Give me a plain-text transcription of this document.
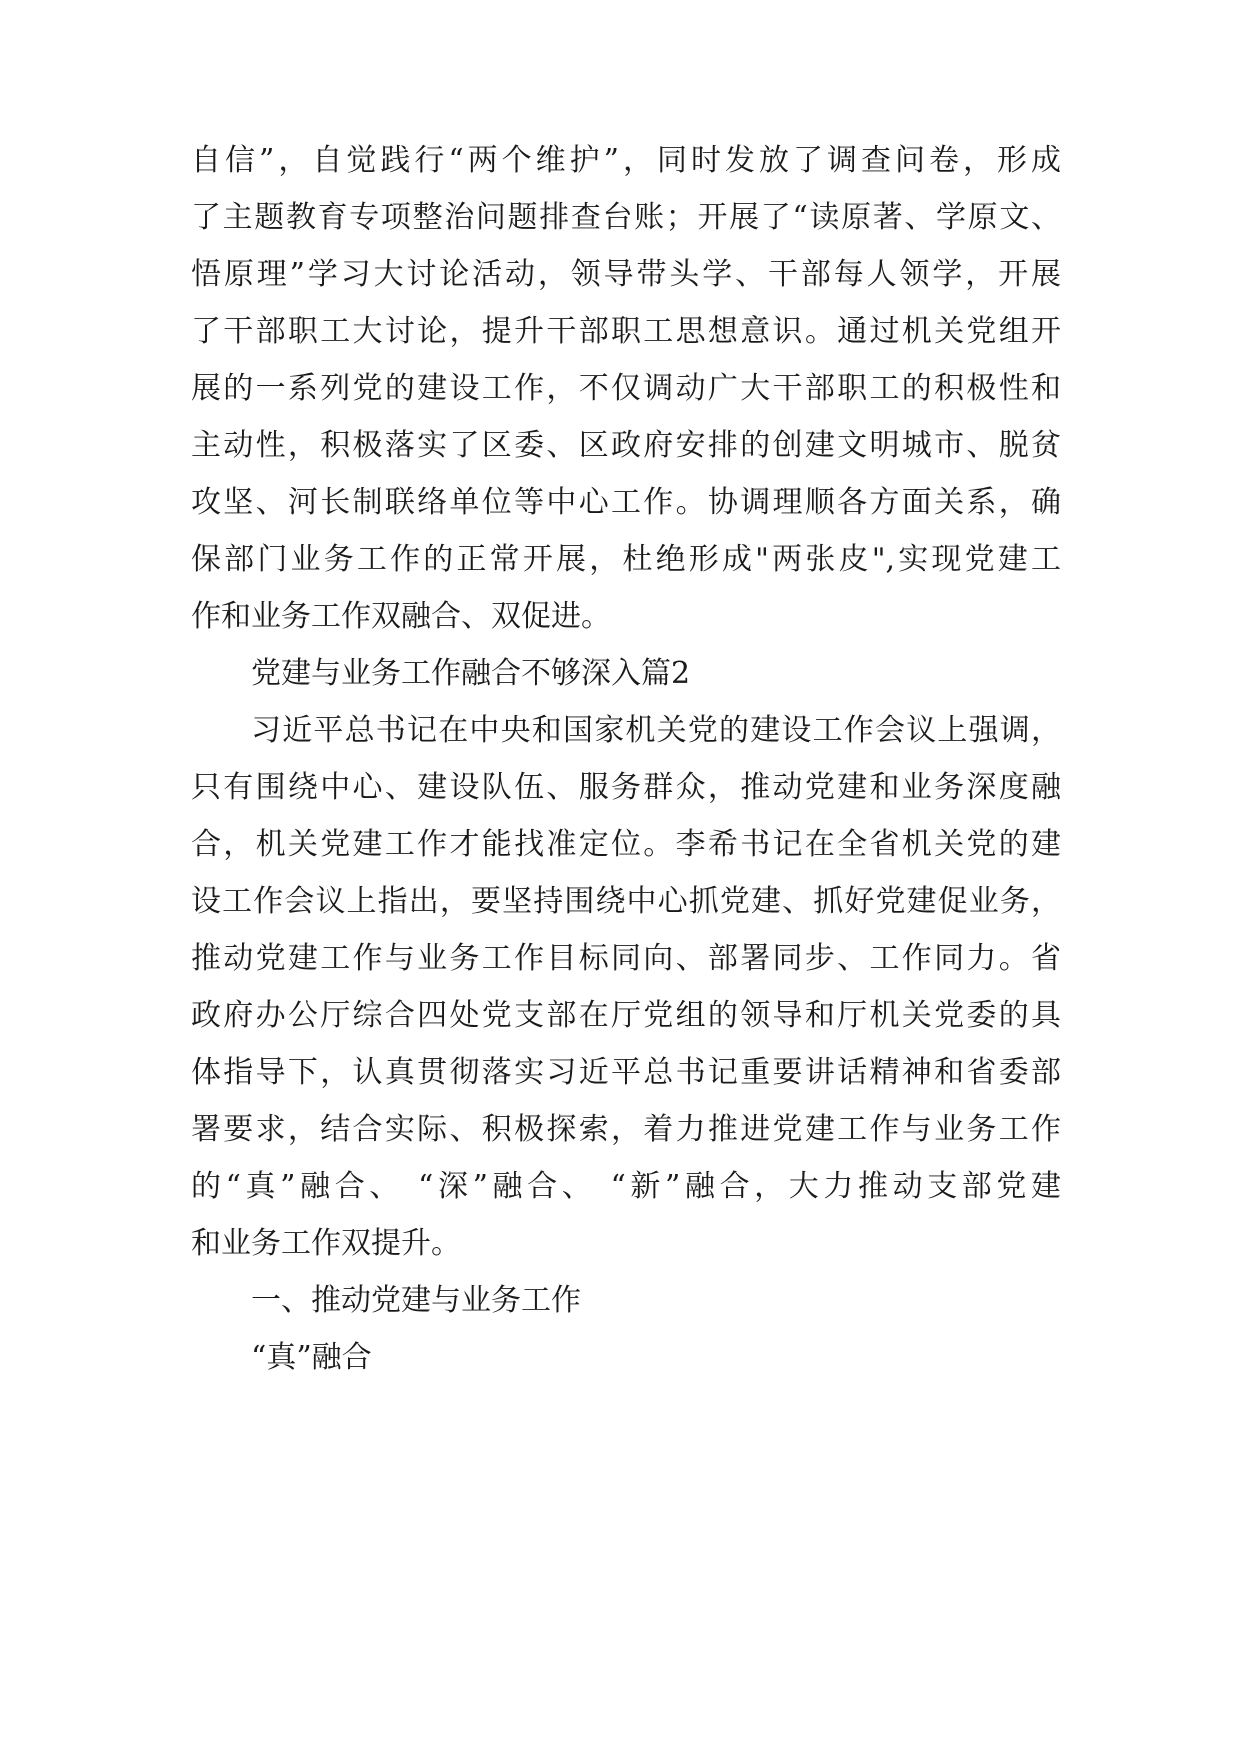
自信”，自觉践行“两个维护”，同时发放了调查问卷，形成
了主题教育专项整治问题排查台账；开展了“读原著、学原文、
悟原理”学习大讨论活动，领导带头学、干部每人领学，开展
了干部职工大讨论，提升干部职工思想意识。通过机关党组开
展的一系列党的建设工作，不仅调动广大干部职工的积极性和
主动性，积极落实了区委、区政府安排的创建文明城市、脱贫
攻坚、河长制联络单位等中心工作。协调理顺各方面关系，确
保部门业务工作的正常开展，杜绝形成"两张皮",实现党建工
作和业务工作双融合、双促进。
党建与业务工作融合不够深入篇2
习近平总书记在中央和国家机关党的建设工作会议上强调，
只有围绕中心、建设队伍、服务群众，推动党建和业务深度融
合，机关党建工作才能找准定位。李希书记在全省机关党的建
设工作会议上指出，要坚持围绕中心抓党建、抓好党建促业务，
推动党建工作与业务工作目标同向、部署同步、工作同力。省
政府办公厅综合四处党支部在厅党组的领导和厅机关党委的具
体指导下，认真贯彻落实习近平总书记重要讲话精神和省委部
署要求，结合实际、积极探索，着力推进党建工作与业务工作
的“真”融合、 “深”融合、 “新”融合，大力推动支部党建
和业务工作双提升。
一、推动党建与业务工作
“真”融合
